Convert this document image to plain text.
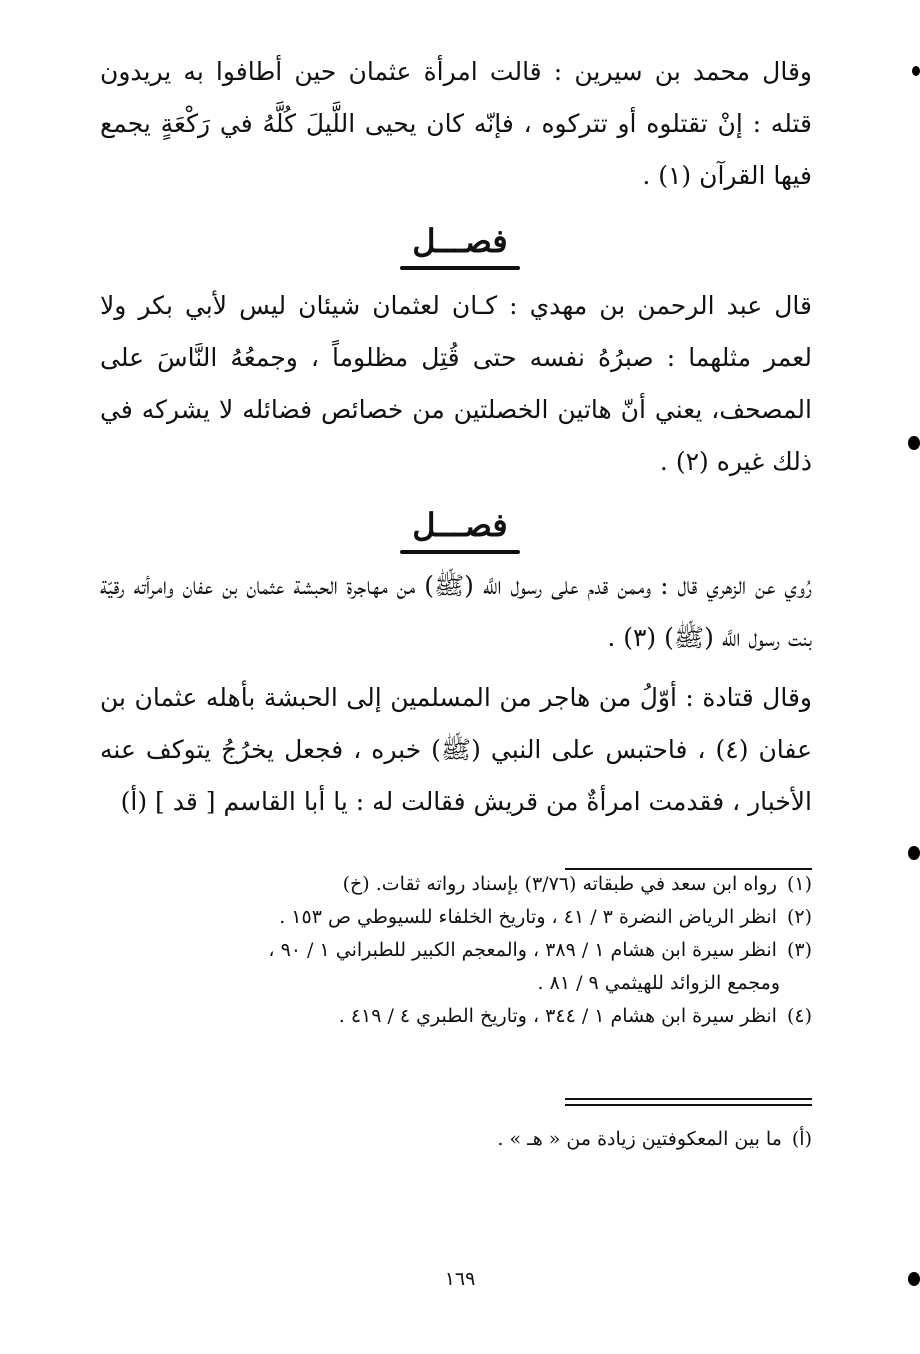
وقال محمد بن سيرين : قالت امرأة عثمان حين أطافوا به يريدون قتله : إنْ تقتلوه أو تتركوه ، فإنّه كان يحيى اللَّيلَ كُلَّهُ في رَكْعَةٍ يجمع فيها القرآن (١) .

فصـــل

قال عبد الرحمن بن مهدي : كـان لعثمان شيئان ليس لأبي بكر ولا لعمر مثلهما : صبرُهُ نفسه حتى قُتِل مظلوماً ، وجمعُهُ النَّاسَ على المصحف، يعني أنّ هاتين الخصلتين من خصائص فضائله لا يشركه في ذلك غيره (٢) .

فصـــل

رُوي عن الزهري قال : وممن قدم على رسول اللَّه (ﷺ) من مهاجرة الحبشة عثمان بن عفان وامرأته رقيّة بنت رسول اللَّه (ﷺ) (٣) .

وقال قتادة : أوّلُ من هاجر من المسلمين إلى الحبشة بأهله عثمان بن عفان (٤) ، فاحتبس على النبي (ﷺ) خبره ، فجعل يخرُجُ يتوكف عنه الأخبار ، فقدمت امرأةٌ من قريش فقالت له : يا أبا القاسم [ قد ] (أ)

(١)رواه ابن سعد في طبقاته (٣/٧٦) بإسناد رواته ثقات. (خ)
(٢)انظر الرياض النضرة ٣ / ٤١ ، وتاريخ الخلفاء للسيوطي ص ١٥٣ .
(٣)انظر سيرة ابن هشام ١ / ٣٨٩ ، والمعجم الكبير للطبراني ١ / ٩٠ ،
ومجمع الزوائد للهيثمي ٩ / ٨١ .
(٤)انظر سيرة ابن هشام ١ / ٣٤٤ ، وتاريخ الطبري ٤ / ٤١٩ .
(أ)ما بين المعكوفتين زيادة من « هـ » .
١٦٩
